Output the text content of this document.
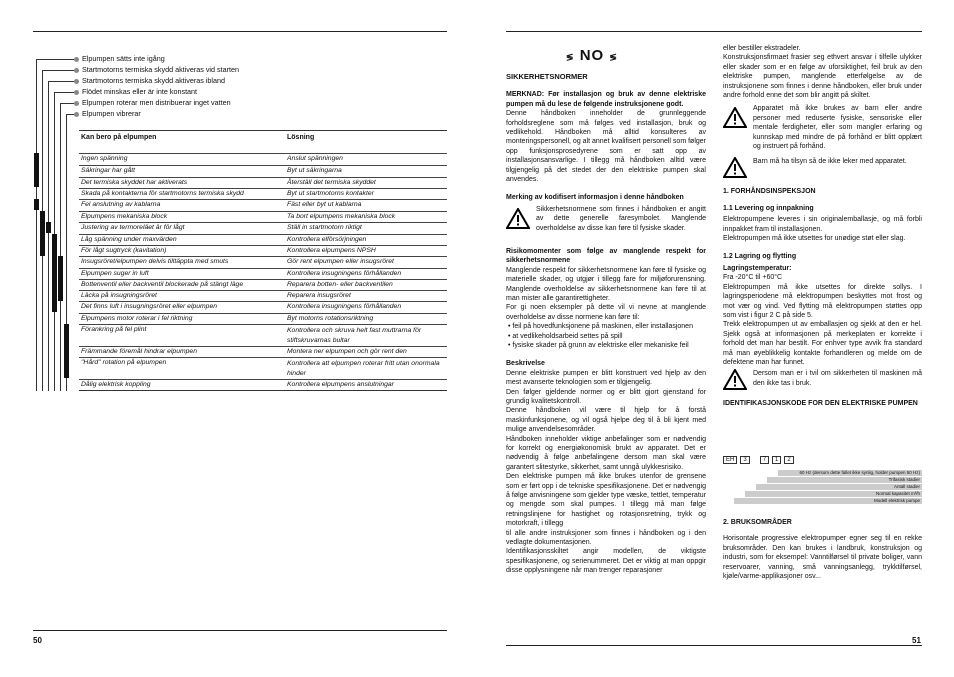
50
Elpumpen sätts inte igång
Startmotorns termiska skydd aktiveras vid starten
Startmotorns termiska skydd aktiveras ibland
Flödet minskas eller är inte konstant
Elpumpen roterar men distribuerar inget vatten
Elpumpen vibrerar
Kan bero på elpumpen	Lösning
Ingen spänning	Anslut spänningen
Säkringar har gått	Byt ut säkringarna
Det termiska skyddet har aktiverats	Återställ det termiska skyddet
Skada på kontakterna för startmotorns termiska skydd	Byt ut startmotorns kontakter
Fel anslutning av kablarna	Fäst eller byt ut kablarna
Elpumpens mekaniska block	Ta bort elpumpens mekaniska block
Justering av termoreläet är för lågt	Ställ in startmotorn riktigt
Låg spänning under maxvärden	Kontrollera elförsörjningen
För lågt sugtryck (kavitation)	Kontrollera elpumpens NPSH
Insugsröret/elpumpen delvis tilltäppta med smuts	Gör rent elpumpen eller insugsröret
Elpumpen suger in luft	Kontrollera insugningens förhållanden
Bottenventil eller backventil blockerade på stängt läge	Reparera botten- eller backventilen
Läcka på insugningsröret	Reparera insugsröret
Det finns luft i insugningsröret eller elpumpen	Kontrollera insugningens förhållanden
Elpumpens motor roterar i fel riktning	Byt motorns rotationsriktning
Förankring på fel plint	Kontrollera och skruva helt fast muttrarna för stiftskruvarnas bultar
Främmande föremål hindrar elpumpen	Montera ner elpumpen och gör rent den
"Hård" rotation på elpumpen	Kontrollera att elpumpen roterar fritt utan onormala hinder
Dålig elektrisk koppling	Kontrollera elpumpens anslutningar
51
≶ NO ≶

SIKKERHETSNORMER

MERKNAD: Før installasjon og bruk av denne elektriske pumpen må du lese de følgende instruksjonene godt.

Denne håndboken inneholder de grunnleggende forholdsreglene som må følges ved installasjon, bruk og vedlikehold. Håndboken må alltid konsulteres av monteringspersonell, og alt annet kvalifisert personell som følger opp funksjonsprosedyrene som er satt opp av installasjonsansvarlige. I tillegg må håndboken alltid være tilgjengelig på det stedet der den elektriske pumpen skal anvendes.

Merking av kodifisert informasjon i denne håndboken

Sikkerhetsnormene som finnes i håndboken er angitt av dette generelle faresymbolet. Manglende overholdelse av disse kan føre til fysiske skader.

Risikomomenter som følge av manglende respekt for sikkerhetsnormene

Manglende respekt for sikkerhetsnormene kan føre til fysiske og materielle skader, og utgjør i tillegg fare for miljøforurensning. Manglende overholdelse av sikkerhetsnormene kan føre til at man mister alle garantirettigheter.

For gi noen eksempler på dette vil vi nevne at manglende overholdelse av disse normene kan føre til:

• feil på hovedfunksjonene på maskinen, eller installasjonen

• at vedlikeholdsarbeid settes på spill

• fysiske skader på grunn av elektriske eller mekaniske feil

Beskrivelse

Denne elektriske pumpen er blitt konstruert ved hjelp av den mest avanserte teknologien som er tilgjengelig.

Den følger gjeldende normer og er blitt gjort gjenstand for grundig kvalitetskontroll.

Denne håndboken vil være til hjelp for å forstå maskinfunksjonene, og vil også hjelpe deg til å bli kjent med mulige anvendelsesområder.

Håndboken inneholder viktige anbefalinger som er nødvendig for korrekt og energiøkonomisk brukt av apparatet. Det er nødvendig å følge anbefalingene dersom man skal være garantert slitestyrke, sikkerhet, samt unngå ulykkesrisiko.

Den elektriske pumpen må ikke brukes utenfor de grensene som er ført opp i de tekniske spesifikasjonene. Det er nødvengig å følge anvisningene som gjelder type væske, tettlet, temperatur og mengde som skal pumpes. I tillegg må man følge retningslinjene for hastighet og rotasjonsretning, trykk og motorkraft, i tillegg

til alle andre instruksjoner som finnes i håndboken og i den vedlagte dokumentasjonen.

Identifikasjonsskiltet angir modellen, de viktigste spesifikasjonene, og serienummeret. Det er viktig at man oppgir disse opplysningene når man trenger reparasjoner

eller bestiller ekstradeler.

Konstruksjonsfirmaet frasier seg ethvert ansvar i tilfelle ulykker eller skader som er en følge av uforsiktighet, feil bruk av den elektriske pumpen, manglende etterfølgelse av de instruksjonene som finnes i denne håndboken, eller bruk under andre forhold enne det som blir angitt på skiltet.

Apparatet må ikke brukes av barn eller andre personer med reduserte fysiske, sensoriske eller mentale ferdigheter, eller som mangler erfaring og kunnskap med mindre de på forhånd er blitt opplært og instruert på forhånd.

Barn må ha tilsyn så de ikke leker med apparatet.

1. FORHÅNDSINSPEKSJON

1.1 Levering og innpakning

Elektropumpene leveres i sin originalemballasje, og må forbli innpakket fram til installasjonen.

Elektropumpen må ikke utsettes for unødige støt eller slag.

1.2 Lagring og flytting

Lagringstemperatur:

Fra -20°C til +60°C

Elektropumpen må ikke utsettes for direkte sollys. I lagringsperiodene må elektropumpen beskyttes mot frost og mot vær og vind. Ved flytting må elektropumpen støttes opp som vist i figur 2 C på side 5.

Trekk elektropumpen ut av emballasjen og sjekk at den er hel. Sjekk også at informasjonen på merkeplaten er korrekte i forhold det man har bestilt. For enhver type avvik fra standard må man øyeblikkelig kontakte forhandleren og melde om de defektene man har funnet.

Dersom man er i tvil om sikkerheten til maskinen må den ikke tas i bruk.

IDENTIFIKASJONSKODE FOR DEN ELEKTRISKE PUMPEN

EH	3	7	1	2
60 Hz (dersom dette fallet ikke synlig, holder pumpen 50 Hz)
Trifasisk stadier
Antall stadier
Normal kapasitet m³/h
Modell elektrisk pumpe

2. BRUKSOMRÅDER

Horisontale progressive elektropumper egner seg til en rekke bruksområder. Den kan brukes i landbruk, konstruksjon og industri, som for eksempel: Vanntilførsel til private boliger, vann reservoarer, vanning, små vanningsanlegg, trykktilførsel, kjøle/varme-applikasjoner osv...
